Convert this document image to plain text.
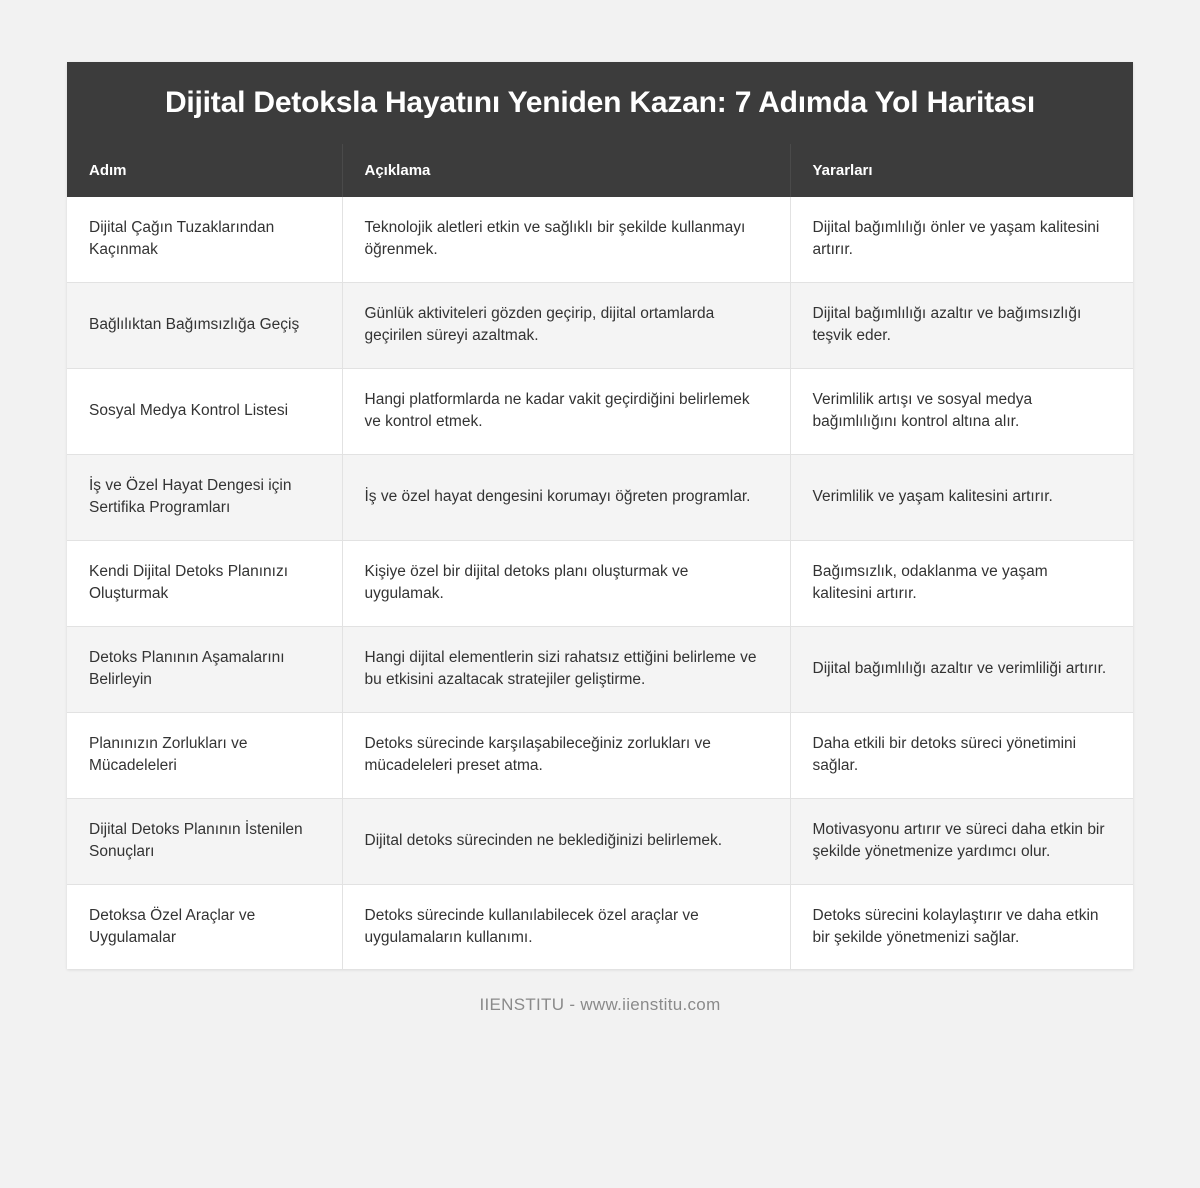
Dijital Detoksla Hayatını Yeniden Kazan: 7 Adımda Yol Haritası
Adım	Açıklama	Yararları
Dijital Çağın Tuzaklarından Kaçınmak	Teknolojik aletleri etkin ve sağlıklı bir şekilde kullanmayı öğrenmek.	Dijital bağımlılığı önler ve yaşam kalitesini artırır.
Bağlılıktan Bağımsızlığa Geçiş	Günlük aktiviteleri gözden geçirip, dijital ortamlarda geçirilen süreyi azaltmak.	Dijital bağımlılığı azaltır ve bağımsızlığı teşvik eder.
Sosyal Medya Kontrol Listesi	Hangi platformlarda ne kadar vakit geçirdiğini belirlemek ve kontrol etmek.	Verimlilik artışı ve sosyal medya bağımlılığını kontrol altına alır.
İş ve Özel Hayat Dengesi için Sertifika Programları	İş ve özel hayat dengesini korumayı öğreten programlar.	Verimlilik ve yaşam kalitesini artırır.
Kendi Dijital Detoks Planınızı Oluşturmak	Kişiye özel bir dijital detoks planı oluşturmak ve uygulamak.	Bağımsızlık, odaklanma ve yaşam kalitesini artırır.
Detoks Planının Aşamalarını Belirleyin	Hangi dijital elementlerin sizi rahatsız ettiğini belirleme ve bu etkisini azaltacak stratejiler geliştirme.	Dijital bağımlılığı azaltır ve verimliliği artırır.
Planınızın Zorlukları ve Mücadeleleri	Detoks sürecinde karşılaşabileceğiniz zorlukları ve mücadeleleri preset atma.	Daha etkili bir detoks süreci yönetimini sağlar.
Dijital Detoks Planının İstenilen Sonuçları	Dijital detoks sürecinden ne beklediğinizi belirlemek.	Motivasyonu artırır ve süreci daha etkin bir şekilde yönetmenize yardımcı olur.
Detoksa Özel Araçlar ve Uygulamalar	Detoks sürecinde kullanılabilecek özel araçlar ve uygulamaların kullanımı.	Detoks sürecini kolaylaştırır ve daha etkin bir şekilde yönetmenizi sağlar.
IIENSTITU - www.iienstitu.com
